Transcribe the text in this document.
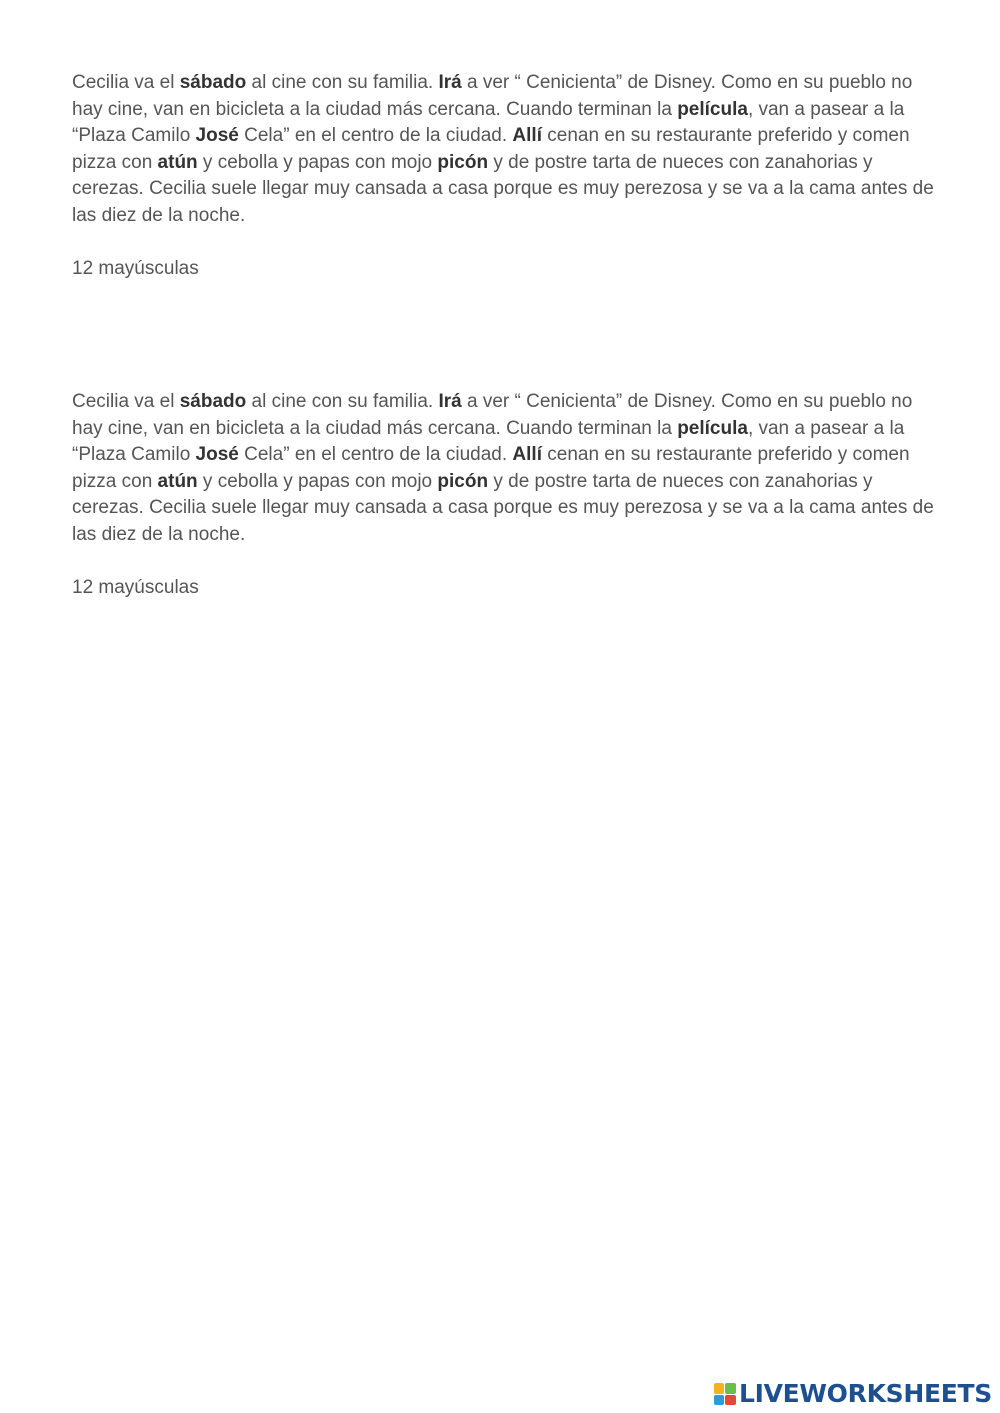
Cecilia va el sábado al cine con su familia. Irá a ver “ Cenicienta” de Disney. Como en su pueblo no hay cine, van en bicicleta a la ciudad más cercana. Cuando terminan la película, van a pasear a la “Plaza Camilo José Cela” en el centro de la ciudad. Allí cenan en su restaurante preferido y comen pizza con atún y cebolla y papas con mojo picón y de postre tarta de nueces con zanahorias y cerezas. Cecilia suele llegar muy cansada a casa porque es muy perezosa y se va a la cama antes de las diez de la noche.

12 mayúsculas

Cecilia va el sábado al cine con su familia. Irá a ver “ Cenicienta” de Disney. Como en su pueblo no hay cine, van en bicicleta a la ciudad más cercana. Cuando terminan la película, van a pasear a la “Plaza Camilo José Cela” en el centro de la ciudad. Allí cenan en su restaurante preferido y comen pizza con atún y cebolla y papas con mojo picón y de postre tarta de nueces con zanahorias y cerezas. Cecilia suele llegar muy cansada a casa porque es muy perezosa y se va a la cama antes de las diez de la noche.

12 mayúsculas

LIVEWORKSHEETS
